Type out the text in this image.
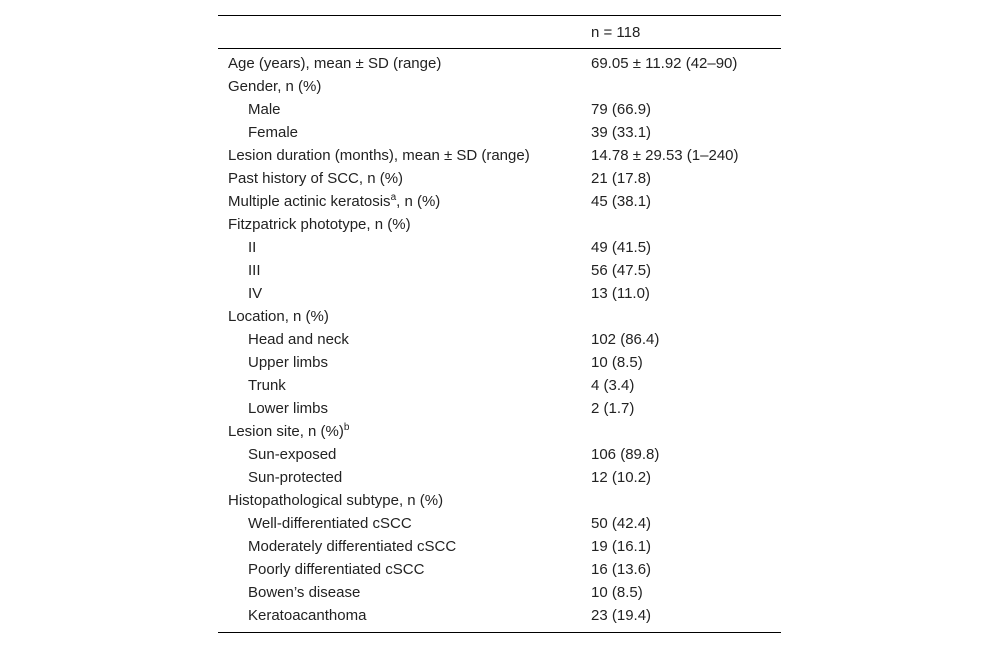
n = 118
Age (years), mean ± SD (range)	69.05 ± 11.92 (42–90)
Gender, n (%)
Male	79 (66.9)
Female	39 (33.1)
Lesion duration (months), mean ± SD (range)	14.78 ± 29.53 (1–240)
Past history of SCC, n (%)	21 (17.8)
Multiple actinic keratosis$^a$, n (%)	45 (38.1)
Fitzpatrick phototype, n (%)
II	49 (41.5)
III	56 (47.5)
IV	13 (11.0)
Location, n (%)
Head and neck	102 (86.4)
Upper limbs	10 (8.5)
Trunk	4 (3.4)
Lower limbs	2 (1.7)
Lesion site, n (%)$^b$
Sun-exposed	106 (89.8)
Sun-protected	12 (10.2)
Histopathological subtype, n (%)
Well-differentiated cSCC	50 (42.4)
Moderately differentiated cSCC	19 (16.1)
Poorly differentiated cSCC	16 (13.6)
Bowen’s disease	10 (8.5)
Keratoacanthoma	23 (19.4)
